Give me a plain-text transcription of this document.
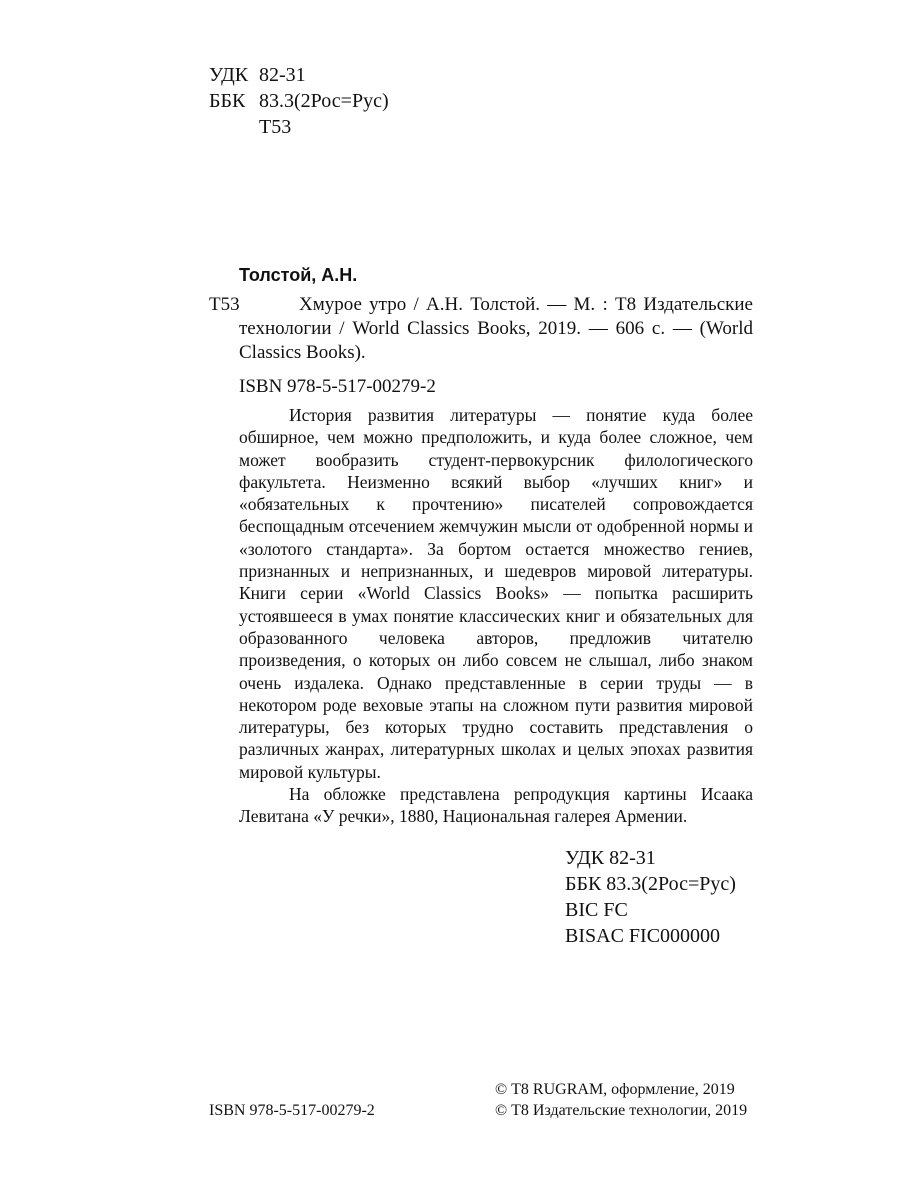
УДК 82-31
ББК 83.3(2Рос=Рус)
Т53
Толстой, А.Н.
Т53	Хмурое утро / А.Н. Толстой. — М. : Т8 Издательские технологии / World Classics Books, 2019. — 606 с. — (World Classics Books).
ISBN 978-5-517-00279-2

История развития литературы — понятие куда более обширное, чем можно предположить, и куда более сложное, чем может вообразить студент-первокурсник филологического факультета. Неизменно всякий выбор «лучших книг» и «обязательных к прочтению» писателей сопровождается беспощадным отсечением жемчужин мысли от одобренной нормы и «золотого стандарта». За бортом остается множество гениев, признанных и непризнанных, и шедевров мировой литературы. Книги серии «World Classics Books» — попытка расширить устоявшееся в умах понятие классических книг и обязательных для образованного человека авторов, предложив читателю произведения, о которых он либо совсем не слышал, либо знаком очень издалека. Однако представленные в серии труды — в некотором роде веховые этапы на сложном пути развития мировой литературы, без которых трудно составить представления о различных жанрах, литературных школах и целых эпохах развития мировой культуры.

На обложке представлена репродукция картины Исаака Левитана «У речки», 1880, Национальная галерея Армении.

УДК 82-31
ББК 83.3(2Рос=Рус)
BIC FC
BISAC FIC000000
ISBN 978-5-517-00279-2
© Т8 RUGRAM, оформление, 2019
© Т8 Издательские технологии, 2019
